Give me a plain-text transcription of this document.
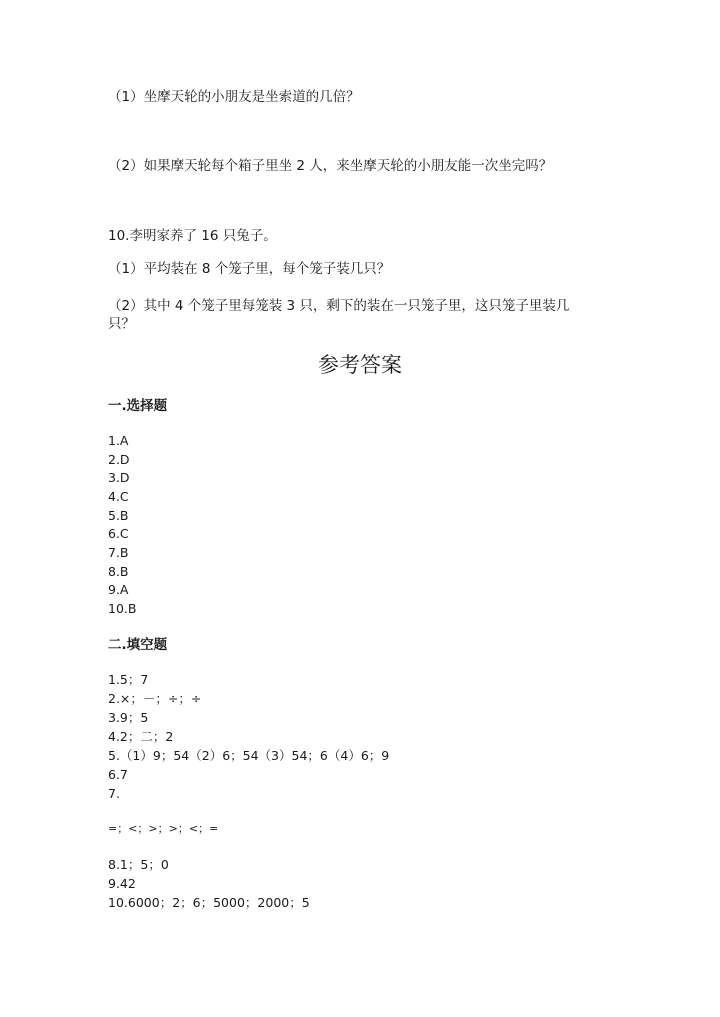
（1）坐摩天轮的小朋友是坐索道的几倍？
（2）如果摩天轮每个箱子里坐 2 人，来坐摩天轮的小朋友能一次坐完吗？
10.李明家养了 16 只兔子。
（1）平均装在 8 个笼子里，每个笼子装几只？
（2）其中 4 个笼子里每笼装 3 只，剩下的装在一只笼子里，这只笼子里装几
只？
参考答案
一.选择题
1.A
2.D
3.D
4.C
5.B
6.C
7.B
8.B
9.A
10.B
二.填空题
1.5；7
2.×；－；÷；÷
3.9；5
4.2；二；2
5.（1）9；54（2）6；54（3）54；6（4）6；9
6.7
7.
=；<；>；>；<；=
8.1；5；0
9.42
10.6000；2；6；5000；2000；5
